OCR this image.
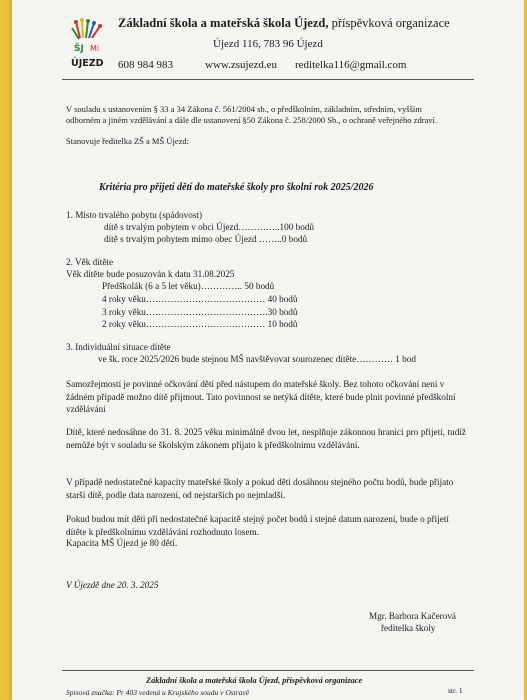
ŠJ Mi
ÚJEZD
Základní škola a mateřská škola Újezd, příspěvková organizace
Újezd 116, 783 96 Újezd
608 984 983	www.zsujezd.eu reditelka116@gmail.com
V souladu s ustanovením § 33 a 34 Zákona č. 561/2004 sb., o předškolním, základním, středním, vyšším
odborném a jiném vzdělávání a dále dle ustanovení §50 Zákona č. 258/2000 Sb., o ochraně veřejného zdraví.
Stanovuje ředitelka ZŠ a MŠ Újezd:
Kritéria pro přijetí dětí do mateřské školy pro školní rok 2025/2026
1. Místo trvalého pobytu (spádovost)
dítě s trvalým pobytem v obci Újezd…………..100 bodů
dítě s trvalým pobytem mimo obec Újezd ……..0 bodů
2. Věk dítěte
Věk dítěte bude posuzován k datu 31.08.2025
Předškolák (6 a 5 let věku)………….. 50 bodů
4 roky věku………………………………… 40 bodů
3 roky věku………………………………….30 bodů
2 roky věku………………………………… 10 bodů
3. Individuální situace dítěte
ve šk. roce 2025/2026 bude stejnou MŠ navštěvovat sourozenec dítěte………… 1 bod
Samozřejmostí je povinné očkování dětí před nástupem do mateřské školy. Bez tohoto očkování není v žádném případě možno dítě přijmout. Tato povinnost se netýká dítěte, které bude plnit povinné předškolní vzdělávání
Dítě, které nedosáhne do 31. 8. 2025 věku minimálně dvou let, nesplňuje zákonnou hranici pro přijetí, tudíž nemůže být v souladu se školským zákonem přijato k předškolnímu vzdělávání.
V případě nedostatečné kapacity mateřské školy a pokud děti dosáhnou stejného počtu bodů, bude přijato starší dítě, podle data narození, od nejstarších po nejmladší.
Pokud budou mít děti při nedostatečné kapacitě stejný počet bodů i stejné datum narození, bude o přijetí dítěte k předškolnímu vzdělávání rozhodnuto losem.
Kapacita MŠ Újezd je 80 dětí.
V Újezdě dne 20. 3. 2025
Mgr. Barbora Kačerová
ředitelka školy
Základní škola a mateřská škola Újezd, příspěvková organizace
Spisová značka: Pr 403 vedená u Krajského soudu v Ostravě	str. 1
